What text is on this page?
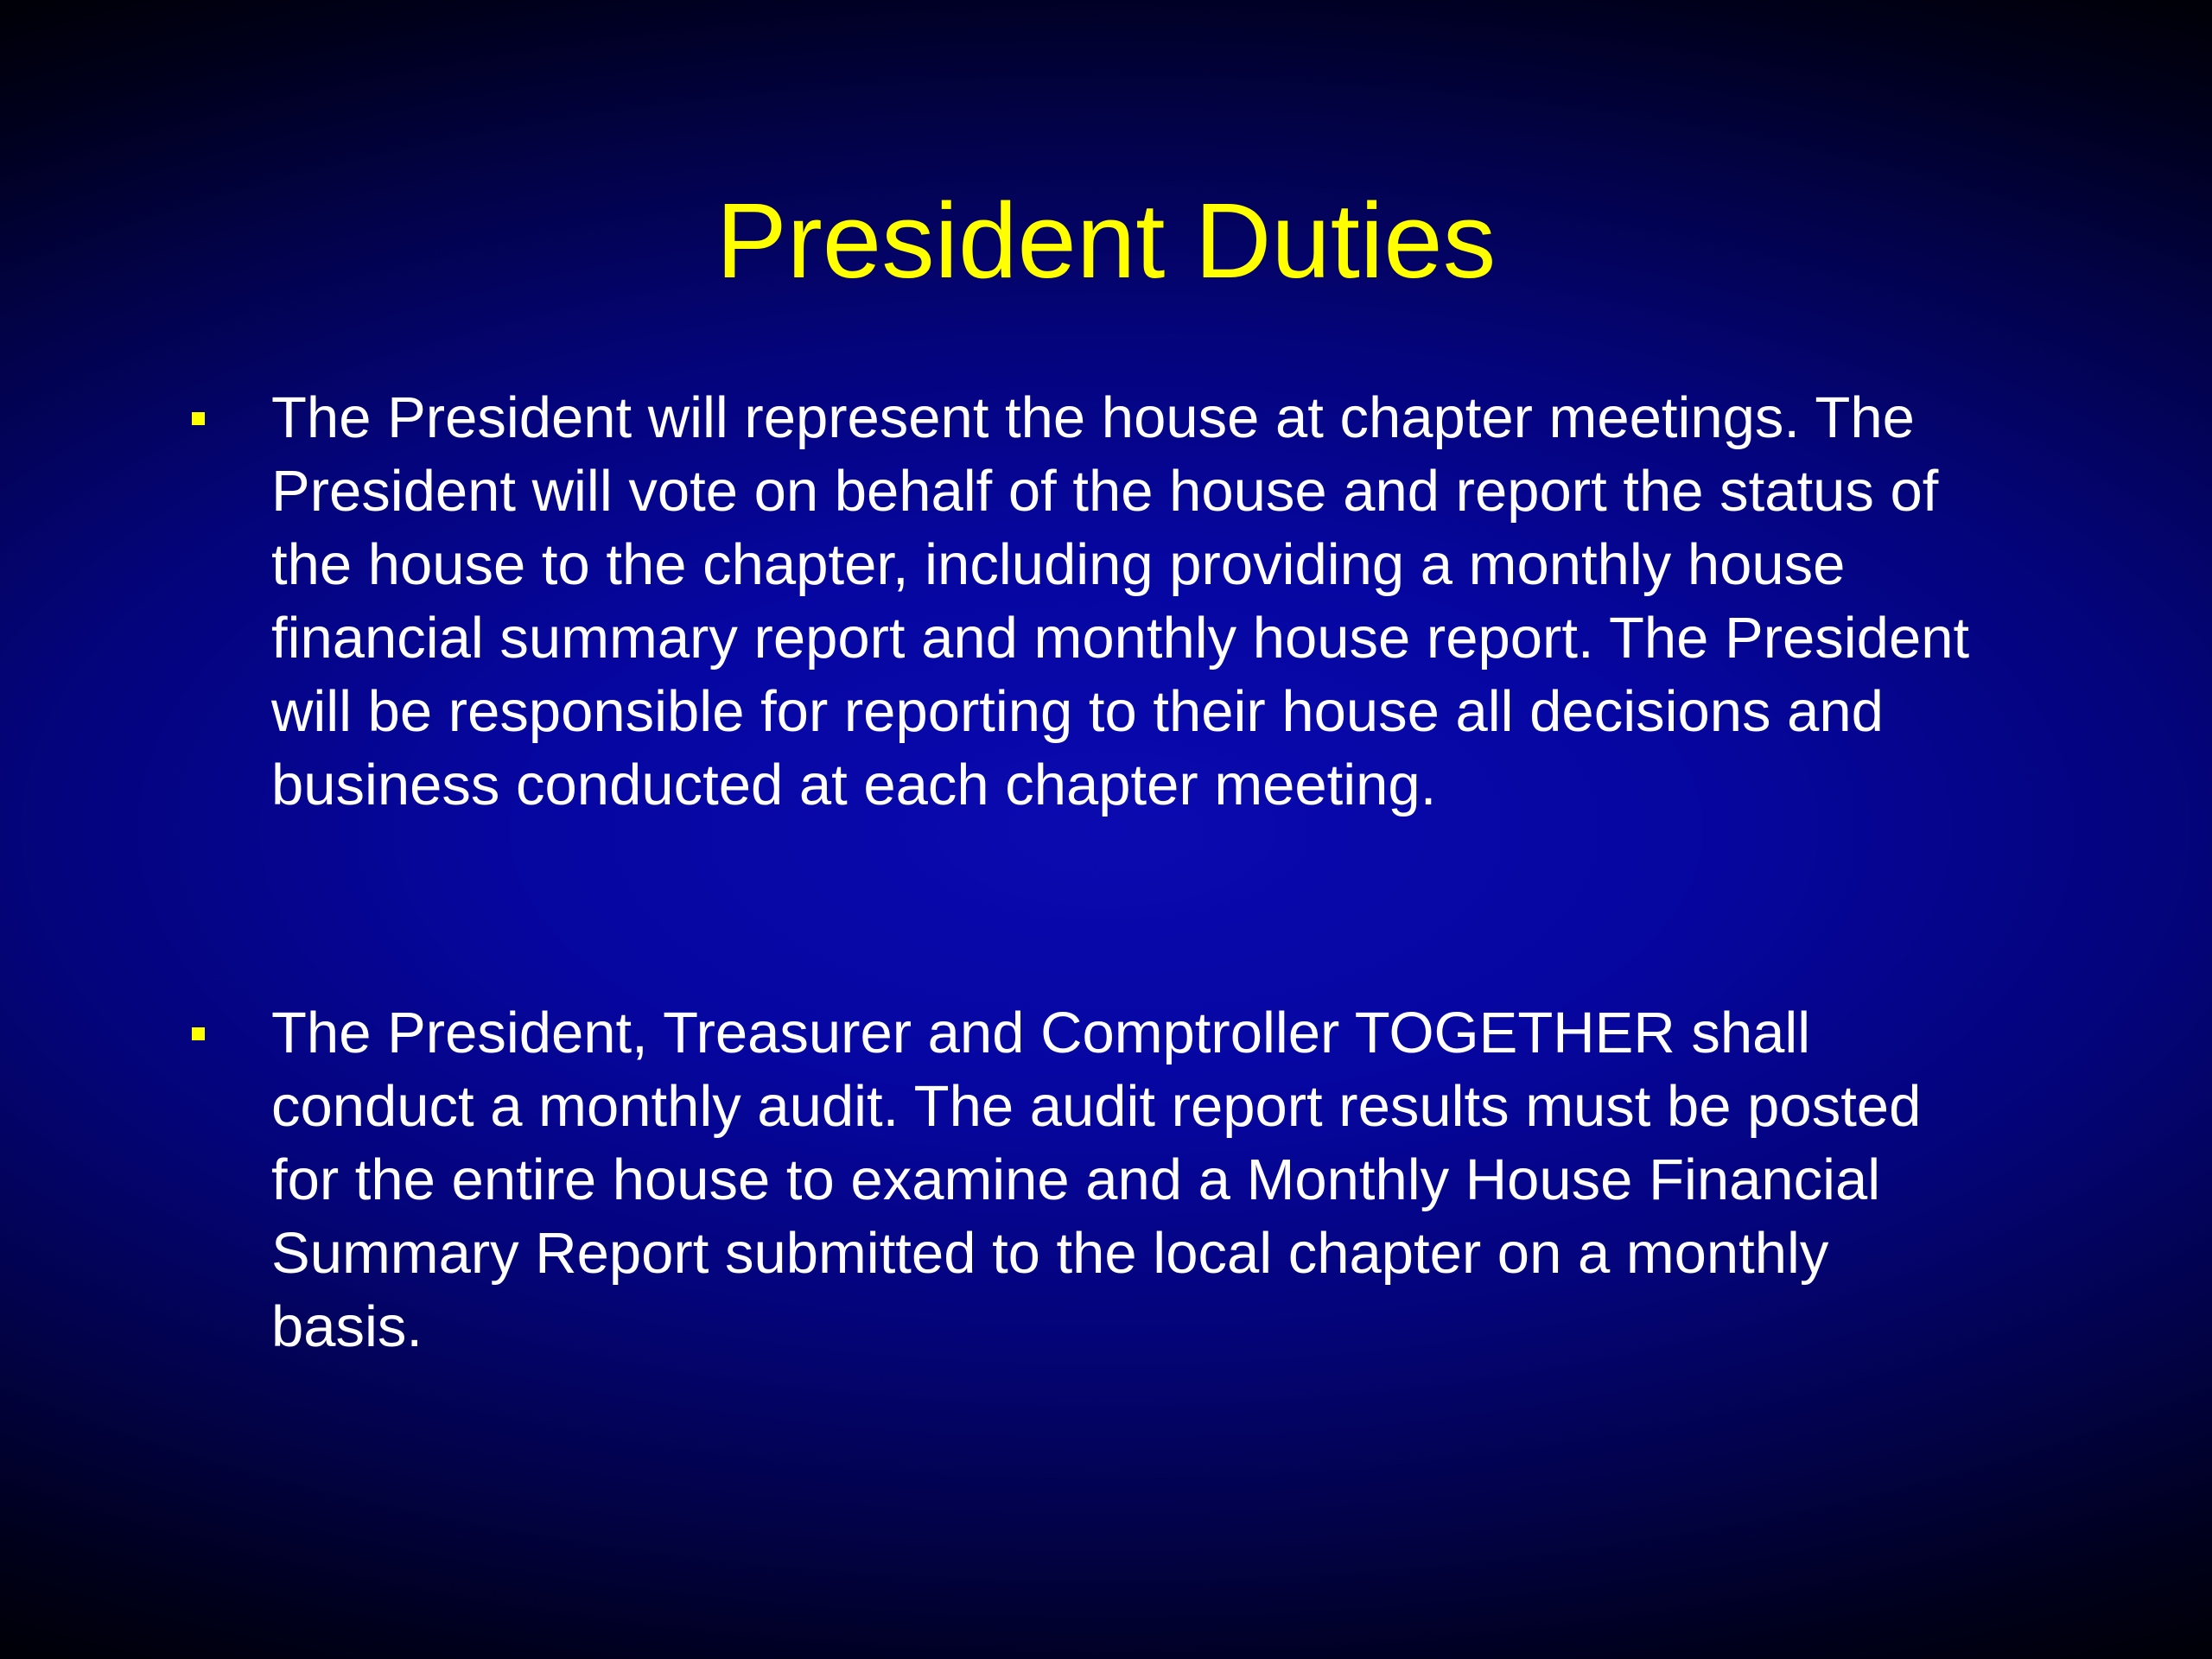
President Duties

The President will represent the house at chapter meetings. The President will vote on behalf of the house and report the status of the house to the chapter, including providing a monthly house financial summary report and monthly house report. The President will be responsible for reporting to their house all decisions and business conducted at each chapter meeting.

The President, Treasurer and Comptroller TOGETHER shall conduct a monthly audit. The audit report results must be posted for the entire house to examine and a Monthly House Financial Summary Report submitted to the local chapter on a monthly basis.
